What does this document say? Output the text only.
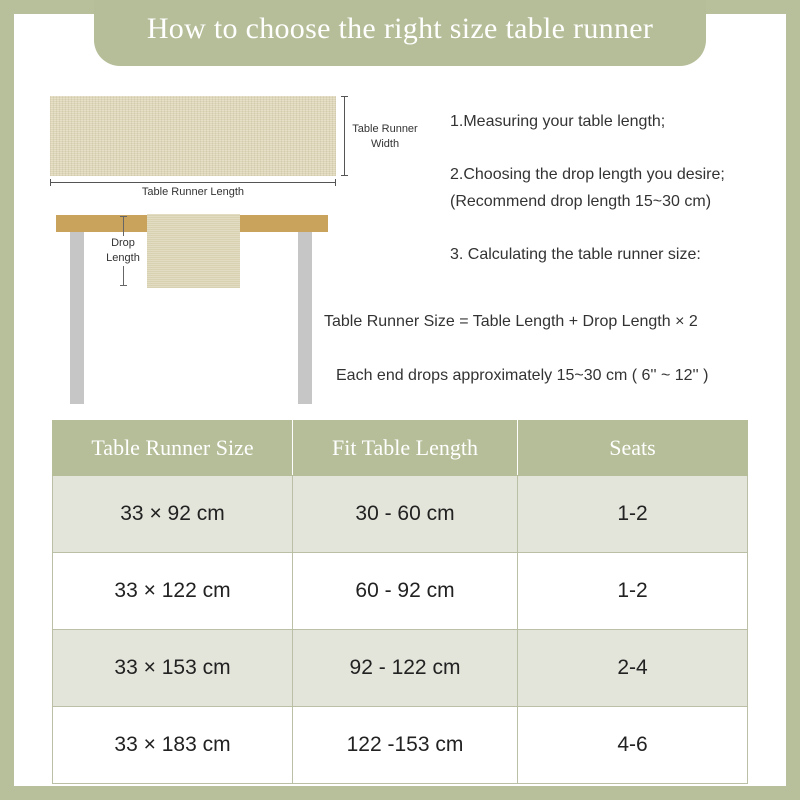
How to choose the right size table runner
Table Runner Width
Table Runner Length
Drop Length
1.Measuring your table length;
2.Choosing the drop length you desire;
(Recommend drop length 15~30 cm)
3. Calculating the table runner size:
Table Runner Size = Table Length + Drop Length × 2
Each end drops approximately 15~30 cm ( 6'' ~ 12'' )
Table Runner Size	Fit Table Length	Seats
33 × 92 cm	30 - 60 cm	1-2
33 × 122 cm	60 - 92 cm	1-2
33 × 153 cm	92 - 122 cm	2-4
33 × 183 cm	122 -153 cm	4-6
